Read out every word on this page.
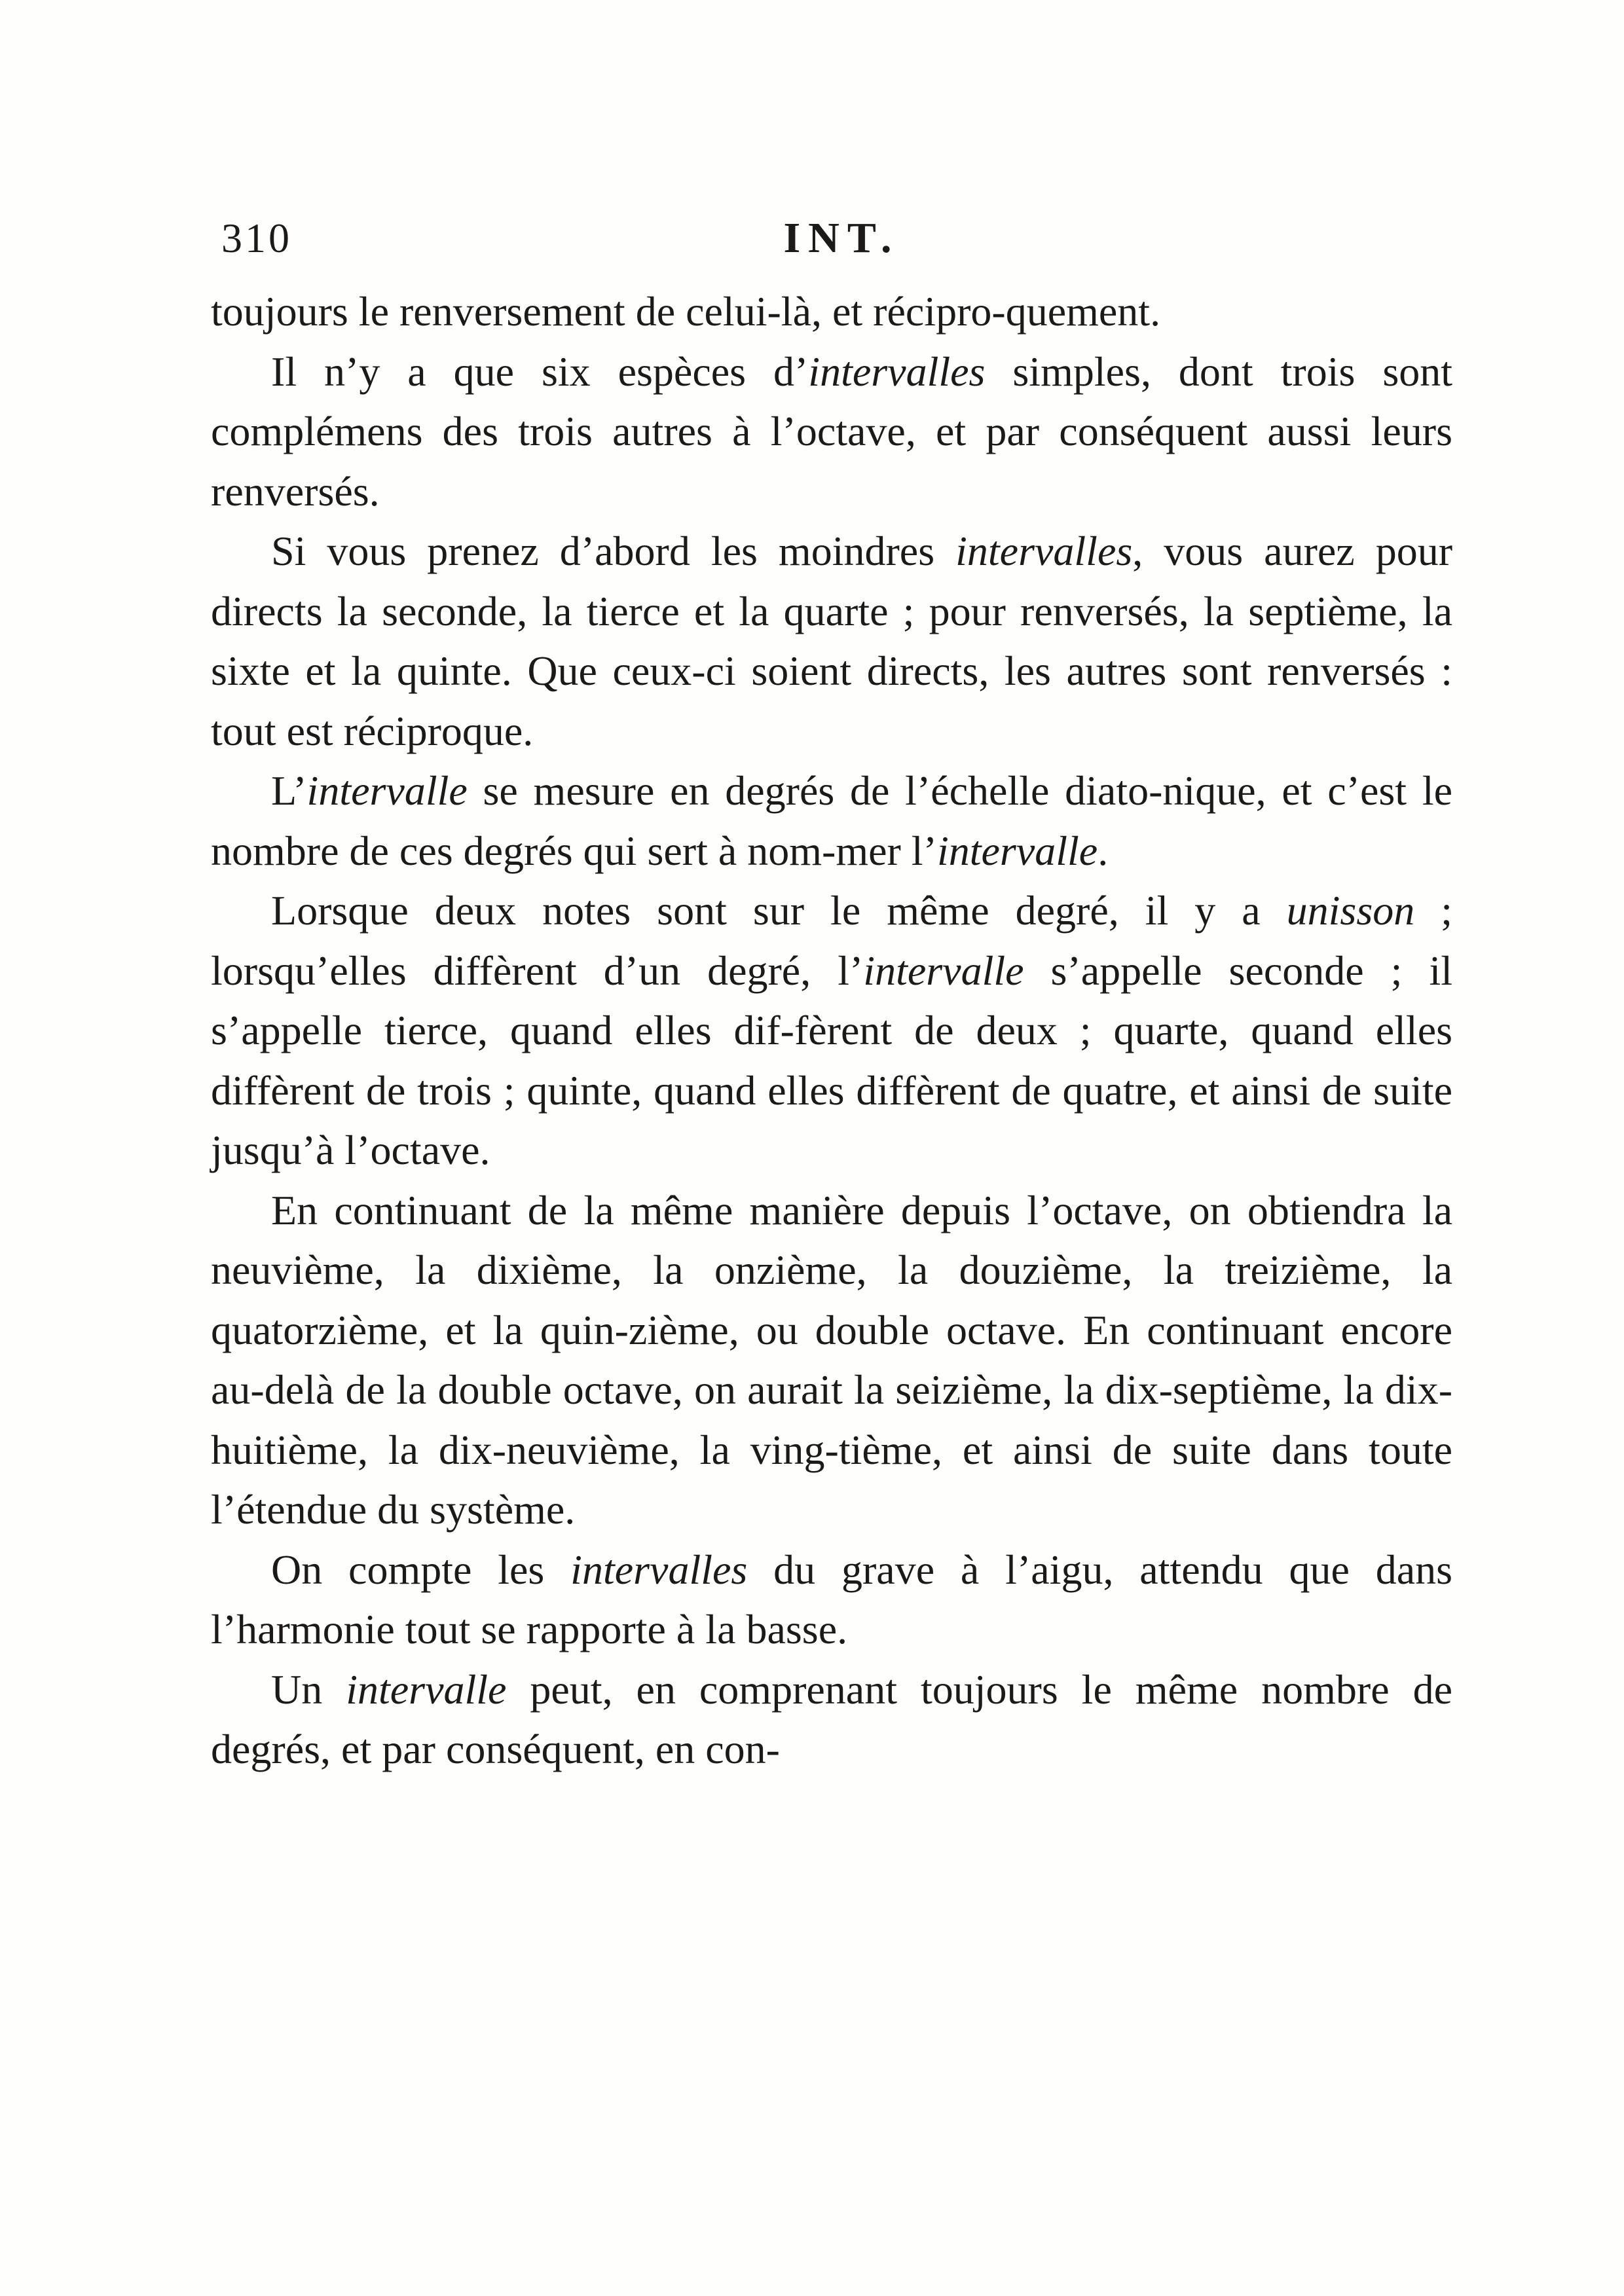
310	INT.

toujours le renversement de celui-là, et récipro-quement.

Il n’y a que six espèces d’intervalles simples, dont trois sont complémens des trois autres à l’octave, et par conséquent aussi leurs renversés.

Si vous prenez d’abord les moindres intervalles, vous aurez pour directs la seconde, la tierce et la quarte ; pour renversés, la septième, la sixte et la quinte. Que ceux-ci soient directs, les autres sont renversés : tout est réciproque.

L’intervalle se mesure en degrés de l’échelle diato-nique, et c’est le nombre de ces degrés qui sert à nom-mer l’intervalle.

Lorsque deux notes sont sur le même degré, il y a unisson ; lorsqu’elles diffèrent d’un degré, l’intervalle s’appelle seconde ; il s’appelle tierce, quand elles dif-fèrent de deux ; quarte, quand elles diffèrent de trois ; quinte, quand elles diffèrent de quatre, et ainsi de suite jusqu’à l’octave.

En continuant de la même manière depuis l’octave, on obtiendra la neuvième, la dixième, la onzième, la douzième, la treizième, la quatorzième, et la quin-zième, ou double octave. En continuant encore au-delà de la double octave, on aurait la seizième, la dix-septième, la dix-huitième, la dix-neuvième, la ving-tième, et ainsi de suite dans toute l’étendue du système.

On compte les intervalles du grave à l’aigu, attendu que dans l’harmonie tout se rapporte à la basse.

Un intervalle peut, en comprenant toujours le même nombre de degrés, et par conséquent, en con-
